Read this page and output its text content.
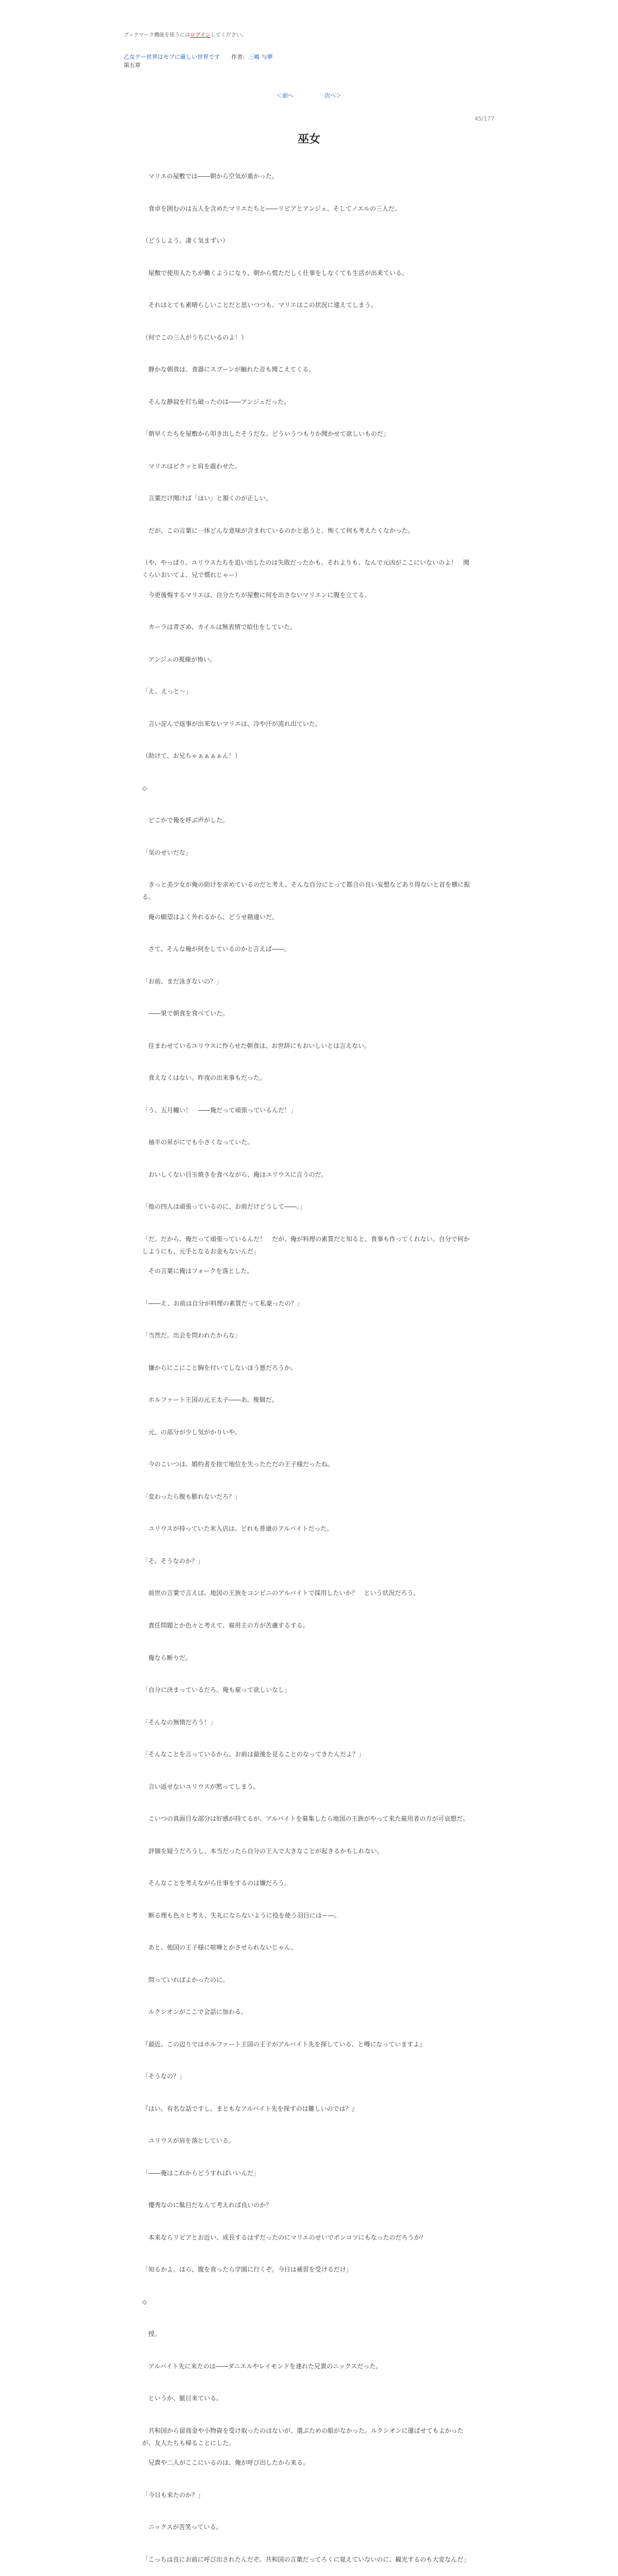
ブックマーク機能を使うにはログインしてください。
乙女ゲー世界はモブに厳しい世界です 作者：三嶋 与夢
第五章
＜前へ	次へ＞
45/177
巫女

　マリエの屋敷では――朝から空気が重かった。

　食卓を囲むのは五人を含めたマリエたちと――リビアとアンジェ、そしてノエルの三人だ。

（どうしよう。凄く気まずい）

　屋敷で使用人たちが働くようになり、朝から慌ただしく仕事をしなくても生活が出来ている。

　それはとても素晴らしいことだと思いつつも、マリエはこの状況に違えてしまう。

（何でこの三人がうちにいるのよ！）

　静かな朝食は、食器にスプーンが触れた音も聞こえてくる。

　そんな静寂を打ち破ったのは――アンジェだった。

「朝早くたちを屋敷から叩き出したそうだな。どういうつもりか聞かせて欲しいものだ」

　マリエはビクッと肩を震わせた。

　言葉だけ聞けば「はい」と頷くのが正しい。

　だが、この言葉に一体どんな意味が含まれているのかと思うと、怖くて何も考えたくなかった。

（や、やっぱり、ユリウスたちを追い出したのは失敗だったかも。それよりも、なんで元凶がここにいないのよ！　聞くらいおいてよ、兄で慣れじゃー）

　今更後悔するマリエは、自分たちが屋敷に何を出さないマリエンに腹を立てる。

　カーラは青ざめ、カイルは無表情で給仕をしていた。

　アンジェの視線が怖い。

「え、えっと～」

　言い淀んで返事が出来ないマリエは、冷や汗が流れ出ていた。

（助けて、お兄ちゃぁぁぁぁん！）

◇

　どこかで俺を呼ぶ声がした。

「気のせいだな」

　きっと美少女が俺の助けを求めているのだと考え、そんな自分にとって都合の良い妄想などあり得ないと首を横に振る。

　俺の願望はよく外れるから、どうせ勘違いだ。

　さて、そんな俺が何をしているのかと言えば――。

「お前、まだ泳ぎないの？」

　――果で朝食を食べていた。

　住まわせているユリウスに作らせた朝食は、お世辞にもおいしいとは言えない。

　食えなくはない。昨夜の出来事もだった。

「う、五月蠅い！　――俺だって頑張っているんだ！」

　袖半の昇がにでも小さくなっていた。

　おいしくない目玉焼きを食べながら、俺はユリウスに言うのだ。

「他の四人は頑張っているのに、お前だけどうして――。」

「だ、だから、俺だって頑張っているんだ！　だが、俺が料理の素質だと知ると、食事も作ってくれない。自分で何かしようにも、元手となるお金もないんだ」

　その言葉に俺はフォークを落とした。

「――え、お前は自分が料理の素質だって私豪ったの？」

「当然だ。出会を問われたからな」

　嫌からにこにこと胸を付いてしないほう悪だろうか。

　ホルファート王国の元王太子――あ、複個だ。

　元、の部分が少し気がかりいや。

　今のこいつは、婚約者を捨て地位を失ったただの王子様だったね。

「変わったら腹も膨れないだろ？」

　ユリウスが持っていた米入店は、どれも普通のアルバイトだった。

「そ、そうなのか？」

　前世の言葉で言えば、地図の王族をコンビニのアルバイトで採用したいか？　という状況だろう。

　責任問題とか色々と考えて、雇用主の方が苦慮するする。

　俺なら断りだ。

「自分に決まっているだろ。俺も雇って欲しいなし」

「そんなの無情だろう！」

「そんなことを言っているから、お前は最後を見ることのなってきたんだよ？」

　言い返せないユリウスが黙ってしまう。

　こいつの真面目な部分は好感が持てるが、アルバイトを募集したら地図の王族がやって来た雇用者の方が可哀想だ。

　評価を疑うだろうし、本当だったら自分の王入で大きなことが起きるかもしれない。

　そんなことを考えながら仕事をするのは嫌だろう。

　断る理も色々と考え、失礼にならないように役を使う羽目にはー―。

　あと、他国の王子様に喧嘩とかさせられないじゃん。

　問っていればよかったのに。

　ルクシオンがここで会話に加わる。

『最近、この辺りではホルファート王国の王子がアルバイト先を探している、と噂になっていますよ』

「そうなの？」

『はい。有名な話ですし、まともなアルバイト先を探すのは難しいのでは？』

　ユリウスが肩を落としている。

「――俺はこれからどうすればいいんだ」

　優秀なのに駄目だなんて考えれば良いのか？

　本来ならリビアとお近い、成長するはずだったのにマリエのせいでポンコツにもなったのだろうか？

「知るかよ。ほら、腹を食ったら学園に行くぞ。今日は補習を受けるだけ」

◇

　授。

　アルバイト先に来たのは――ダニエルやレイモンドを連れた兄貴のニックスだった。

　というか、脈日来ている。

　共和国から留商金や小物資を受け取ったのはないが、選ぶための船がなかった。ルクシオンに運ばせてもよかったが、友人たちも帰ることにした。

　兄貴や二人がここにいるのは、俺が呼び出したから来る。

「今日も来たのか？」

　ニックスが苦笑っている。

「こっちは良にお前に呼び出されたんだぞ。共和国の言葉だってろくに覚えていないのに、観光するのも大変なんだ」
